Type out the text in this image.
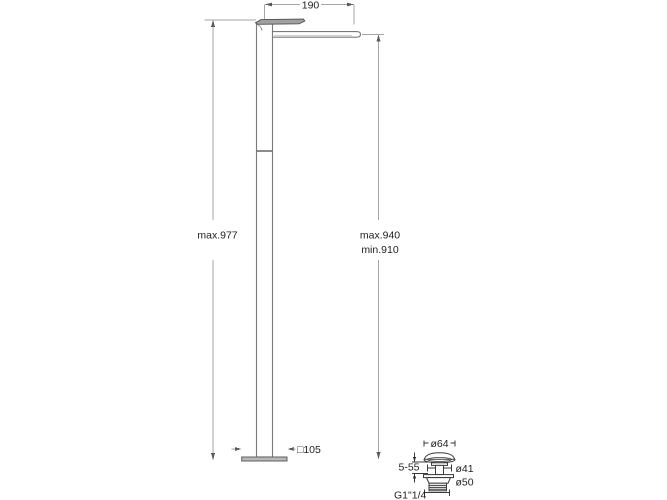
190
max.977	max.940
min.910
□105
ø64
5-55	ø41
ø50
G1"1/4
